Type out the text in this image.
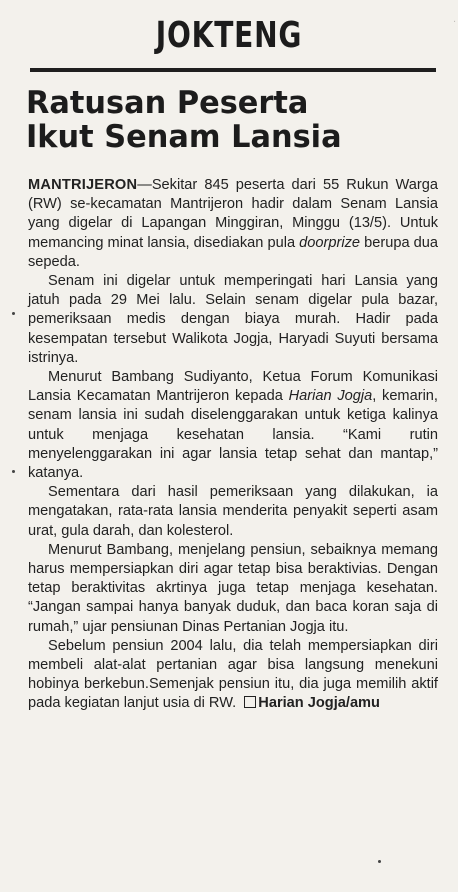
.
JOKTENG
Ratusan Peserta
Ikut Senam Lansia

MANTRIJERON—Sekitar 845 peserta dari 55 Rukun Warga (RW) se-kecamatan Mantrijeron hadir dalam Senam Lansia yang digelar di Lapangan Minggiran, Minggu (13/5). Untuk memancing minat lansia, disediakan pula doorprize berupa dua sepeda.

Senam ini digelar untuk memperingati hari Lansia yang jatuh pada 29 Mei lalu. Selain senam digelar pula bazar, pemeriksaan medis dengan biaya murah. Hadir pada kesempatan tersebut Walikota Jogja, Haryadi Suyuti bersama istrinya.

Menurut Bambang Sudiyanto, Ketua Forum Komunikasi Lansia Kecamatan Mantrijeron kepada Harian Jogja, kemarin, senam lansia ini sudah diselenggarakan untuk ketiga kalinya untuk menjaga kesehatan lansia. “Kami rutin menyelenggarakan ini agar lansia tetap sehat dan mantap,” katanya.

Sementara dari hasil pemeriksaan yang dilakukan, ia mengatakan, rata-rata lansia menderita penyakit seperti asam urat, gula darah, dan kolesterol.

Menurut Bambang, menjelang pensiun, sebaiknya memang harus mempersiapkan diri agar tetap bisa beraktivias. Dengan tetap beraktivitas akrtinya juga tetap menjaga kesehatan. “Jangan sampai hanya banyak duduk, dan baca koran saja di rumah,” ujar pensiunan Dinas Pertanian Jogja itu.

Sebelum pensiun 2004 lalu, dia telah mempersiapkan diri membeli alat-alat pertanian agar bisa langsung menekuni hobinya berkebun.Semenjak pensiun itu, dia juga memilih aktif pada kegiatan lanjut usia di RW. Harian Jogja/amu
